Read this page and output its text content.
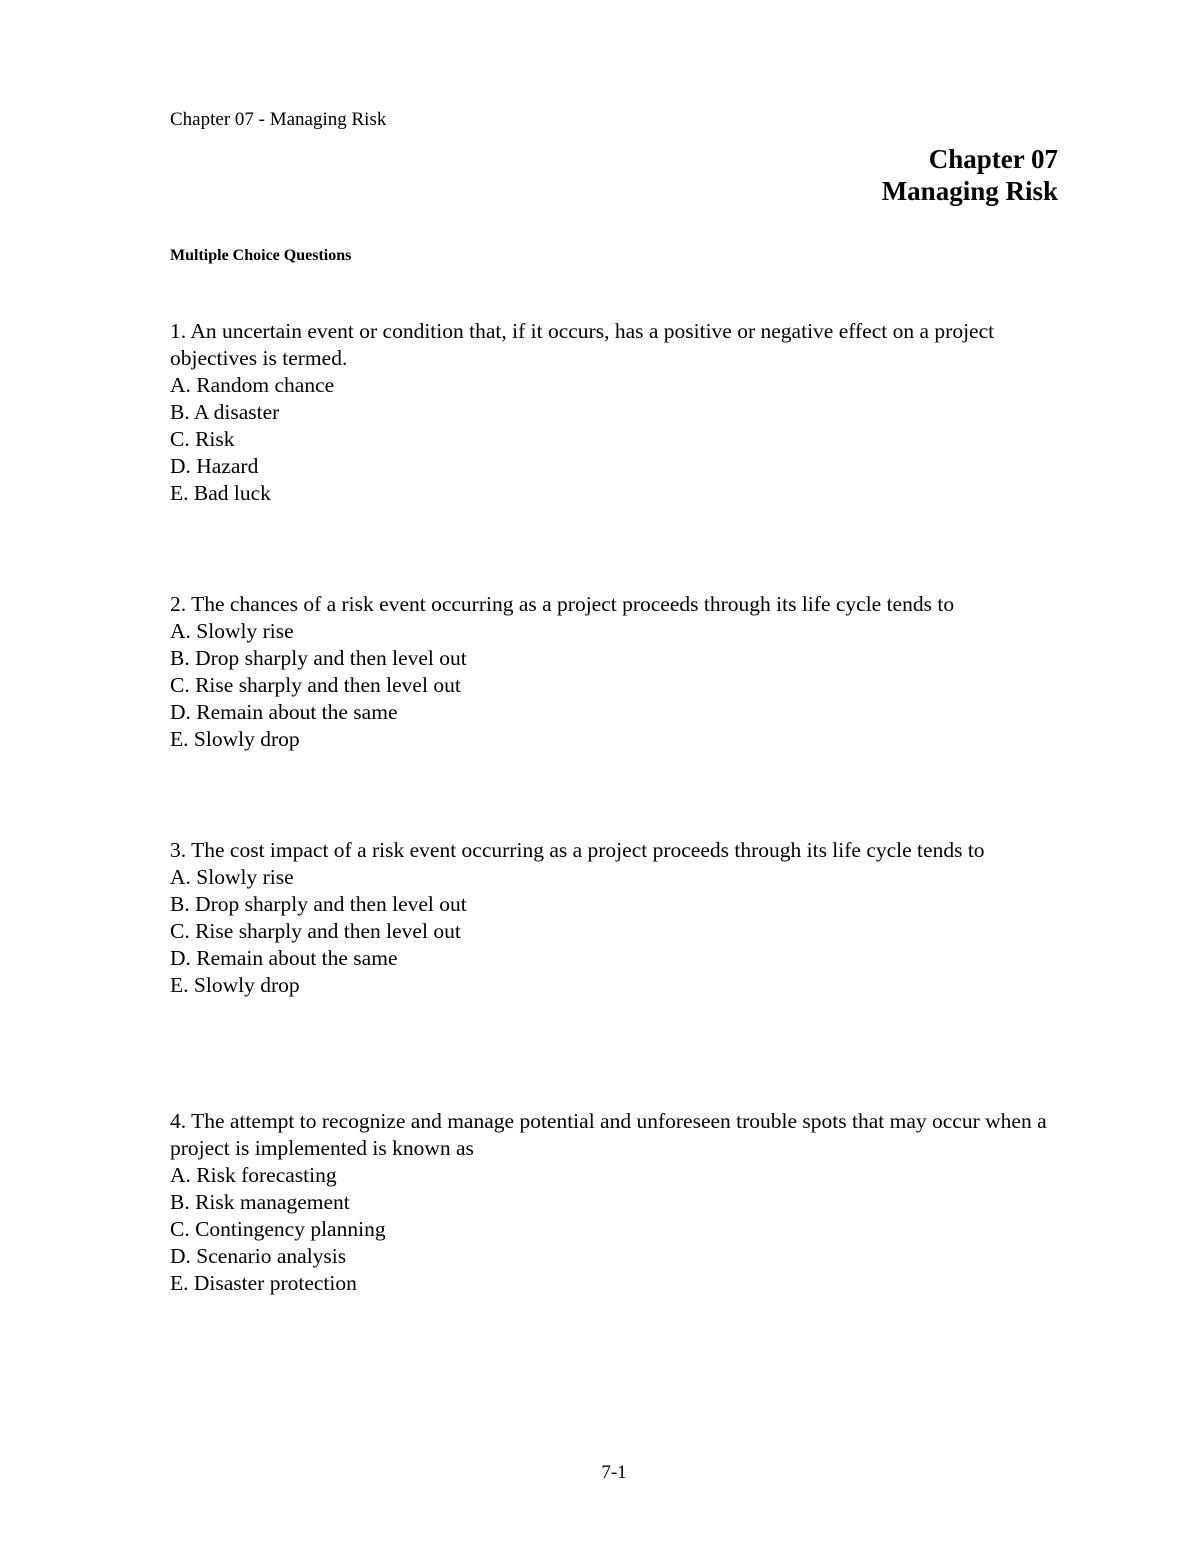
Chapter 07 - Managing Risk
Chapter 07
Managing Risk
Multiple Choice Questions

1. An uncertain event or condition that, if it occurs, has a positive or negative effect on a project objectives is termed.

A. Random chance
B. A disaster
C. Risk
D. Hazard
E. Bad luck

2. The chances of a risk event occurring as a project proceeds through its life cycle tends to

A. Slowly rise
B. Drop sharply and then level out
C. Rise sharply and then level out
D. Remain about the same
E. Slowly drop

3. The cost impact of a risk event occurring as a project proceeds through its life cycle tends to

A. Slowly rise
B. Drop sharply and then level out
C. Rise sharply and then level out
D. Remain about the same
E. Slowly drop

4. The attempt to recognize and manage potential and unforeseen trouble spots that may occur when a project is implemented is known as

A. Risk forecasting
B. Risk management
C. Contingency planning
D. Scenario analysis
E. Disaster protection
7-1
